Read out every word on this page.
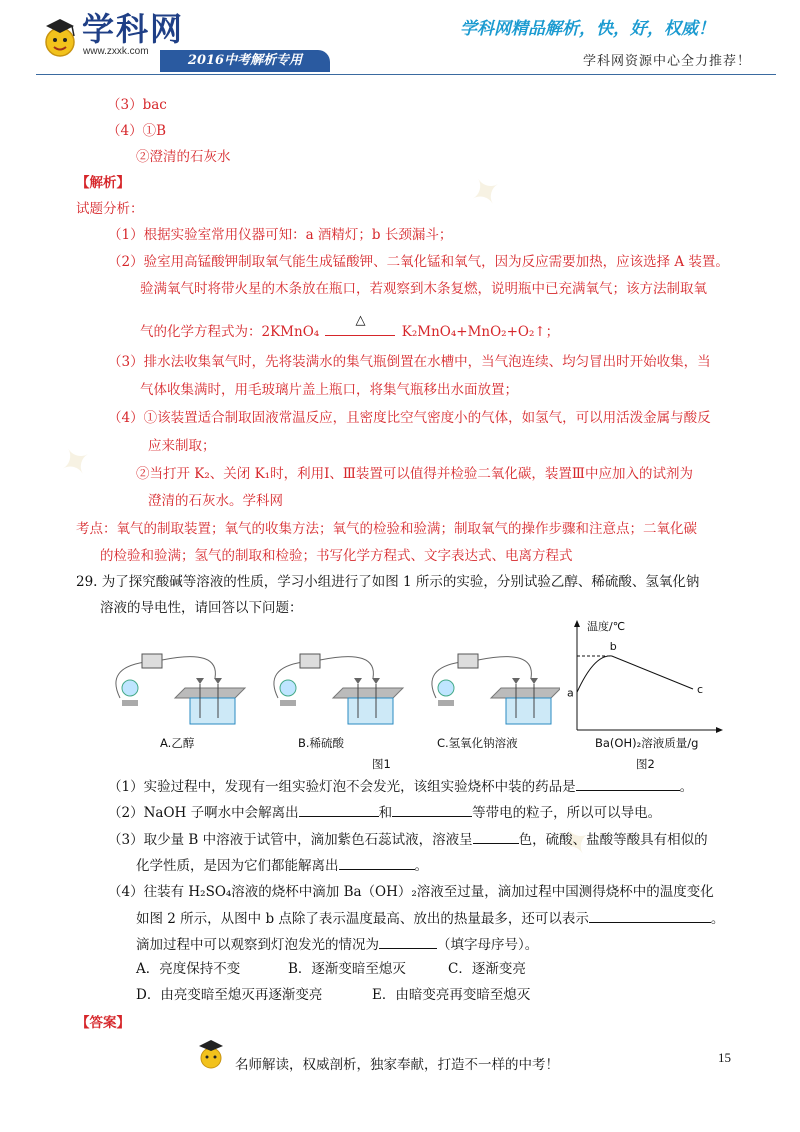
学科网
www.zxxk.com
2016中考解析专用
学科网精品解析，快，好，权威！
学科网资源中心全力推荐！
✦
✦
✦
（3）bac
（4）①B
②澄清的石灰水
【解析】
试题分析：
（1）根据实验室常用仪器可知：a 酒精灯；b 长颈漏斗；
（2）验室用高锰酸钾制取氧气能生成锰酸钾、二氧化锰和氧气，因为反应需要加热，应该选择 A 装置。
验满氧气时将带火星的木条放在瓶口，若观察到木条复燃，说明瓶中已充满氧气；该方法制取氧
气的化学方程式为：2KMnO₄
△
K₂MnO₄+MnO₂+O₂↑；
（3）排水法收集氧气时，先将装满水的集气瓶倒置在水槽中，当气泡连续、均匀冒出时开始收集，当
气体收集满时，用毛玻璃片盖上瓶口，将集气瓶移出水面放置；
（4）①该装置适合制取固液常温反应，且密度比空气密度小的气体，如氢气，可以用活泼金属与酸反
应来制取；
②当打开 K₂、关闭 K₁时，利用Ⅰ、Ⅲ装置可以值得并检验二氧化碳，装置Ⅲ中应加入的试剂为
澄清的石灰水。学科网
考点：氧气的制取装置；氧气的收集方法；氧气的检验和验满；制取氧气的操作步骤和注意点；二氧化碳
的检验和验满；氢气的制取和检验；书写化学方程式、文字表达式、电离方程式
29. 为了探究酸碱等溶液的性质，学习小组进行了如图 1 所示的实验，分别试验乙醇、稀硫酸、氢氧化钠
溶液的导电性，请回答以下问题：
A.乙醇	B.稀硫酸	C.氢氧化钠溶液
图1
温度/℃
a
b
c
Ba(OH)₂溶液质量/g
图2
（1）实验过程中，发现有一组实验灯泡不会发光，该组实验烧杯中装的药品是	。
（2）NaOH 子啊水中会解离出	和	等带电的粒子，所以可以导电。
（3）取少量 B 中溶液于试管中，滴加紫色石蕊试液，溶液呈	色，硫酸、盐酸等酸具有相似的
化学性质，是因为它们都能解离出	。
（4）往装有 H₂SO₄溶液的烧杯中滴加 Ba（OH）₂溶液至过量，滴加过程中国测得烧杯中的温度变化
如图 2 所示，从图中 b 点除了表示温度最高、放出的热量最多，还可以表示	。
滴加过程中可以观察到灯泡发光的情况为	（填字母序号）。
A．亮度保持不变	B．逐渐变暗至熄灭	C．逐渐变亮
D．由亮变暗至熄灭再逐渐变亮	E．由暗变亮再变暗至熄灭
【答案】
名师解读，权威剖析，独家奉献，打造不一样的中考！	15
